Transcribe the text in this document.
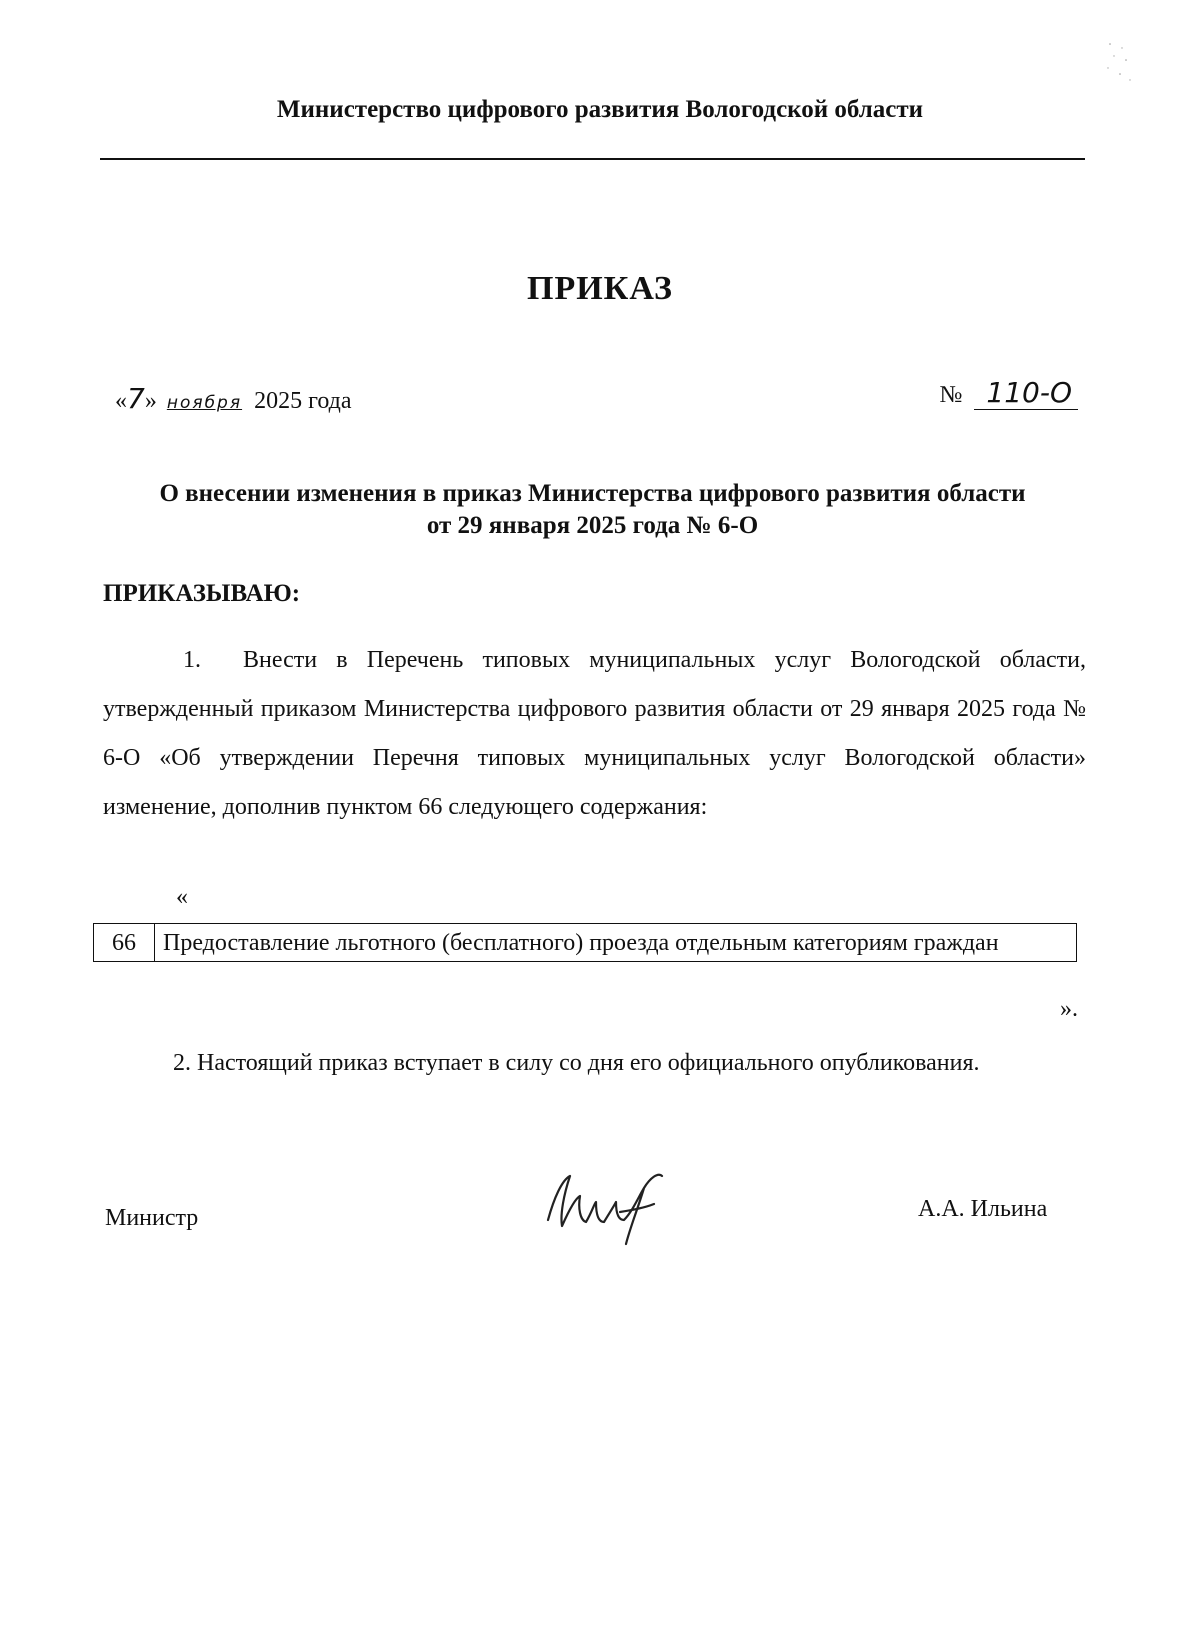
Министерство цифрового развития Вологодской области
ПРИКАЗ
«7» ноября 2025 года	№ 110-О
О внесении изменения в приказ Министерства цифрового развития области
от 29 января 2025 года № 6-О
ПРИКАЗЫВАЮ:
1. Внести в Перечень типовых муниципальных услуг Вологодской области, утвержденный приказом Министерства цифрового развития области от 29 января 2025 года № 6-О «Об утверждении Перечня типовых муниципальных услуг Вологодской области» изменение, дополнив пунктом 66 следующего содержания:
«
66	Предоставление льготного (бесплатного) проезда отдельным категориям граждан
».
2. Настоящий приказ вступает в силу со дня его официального опубликования.
Министр	А.А. Ильина
